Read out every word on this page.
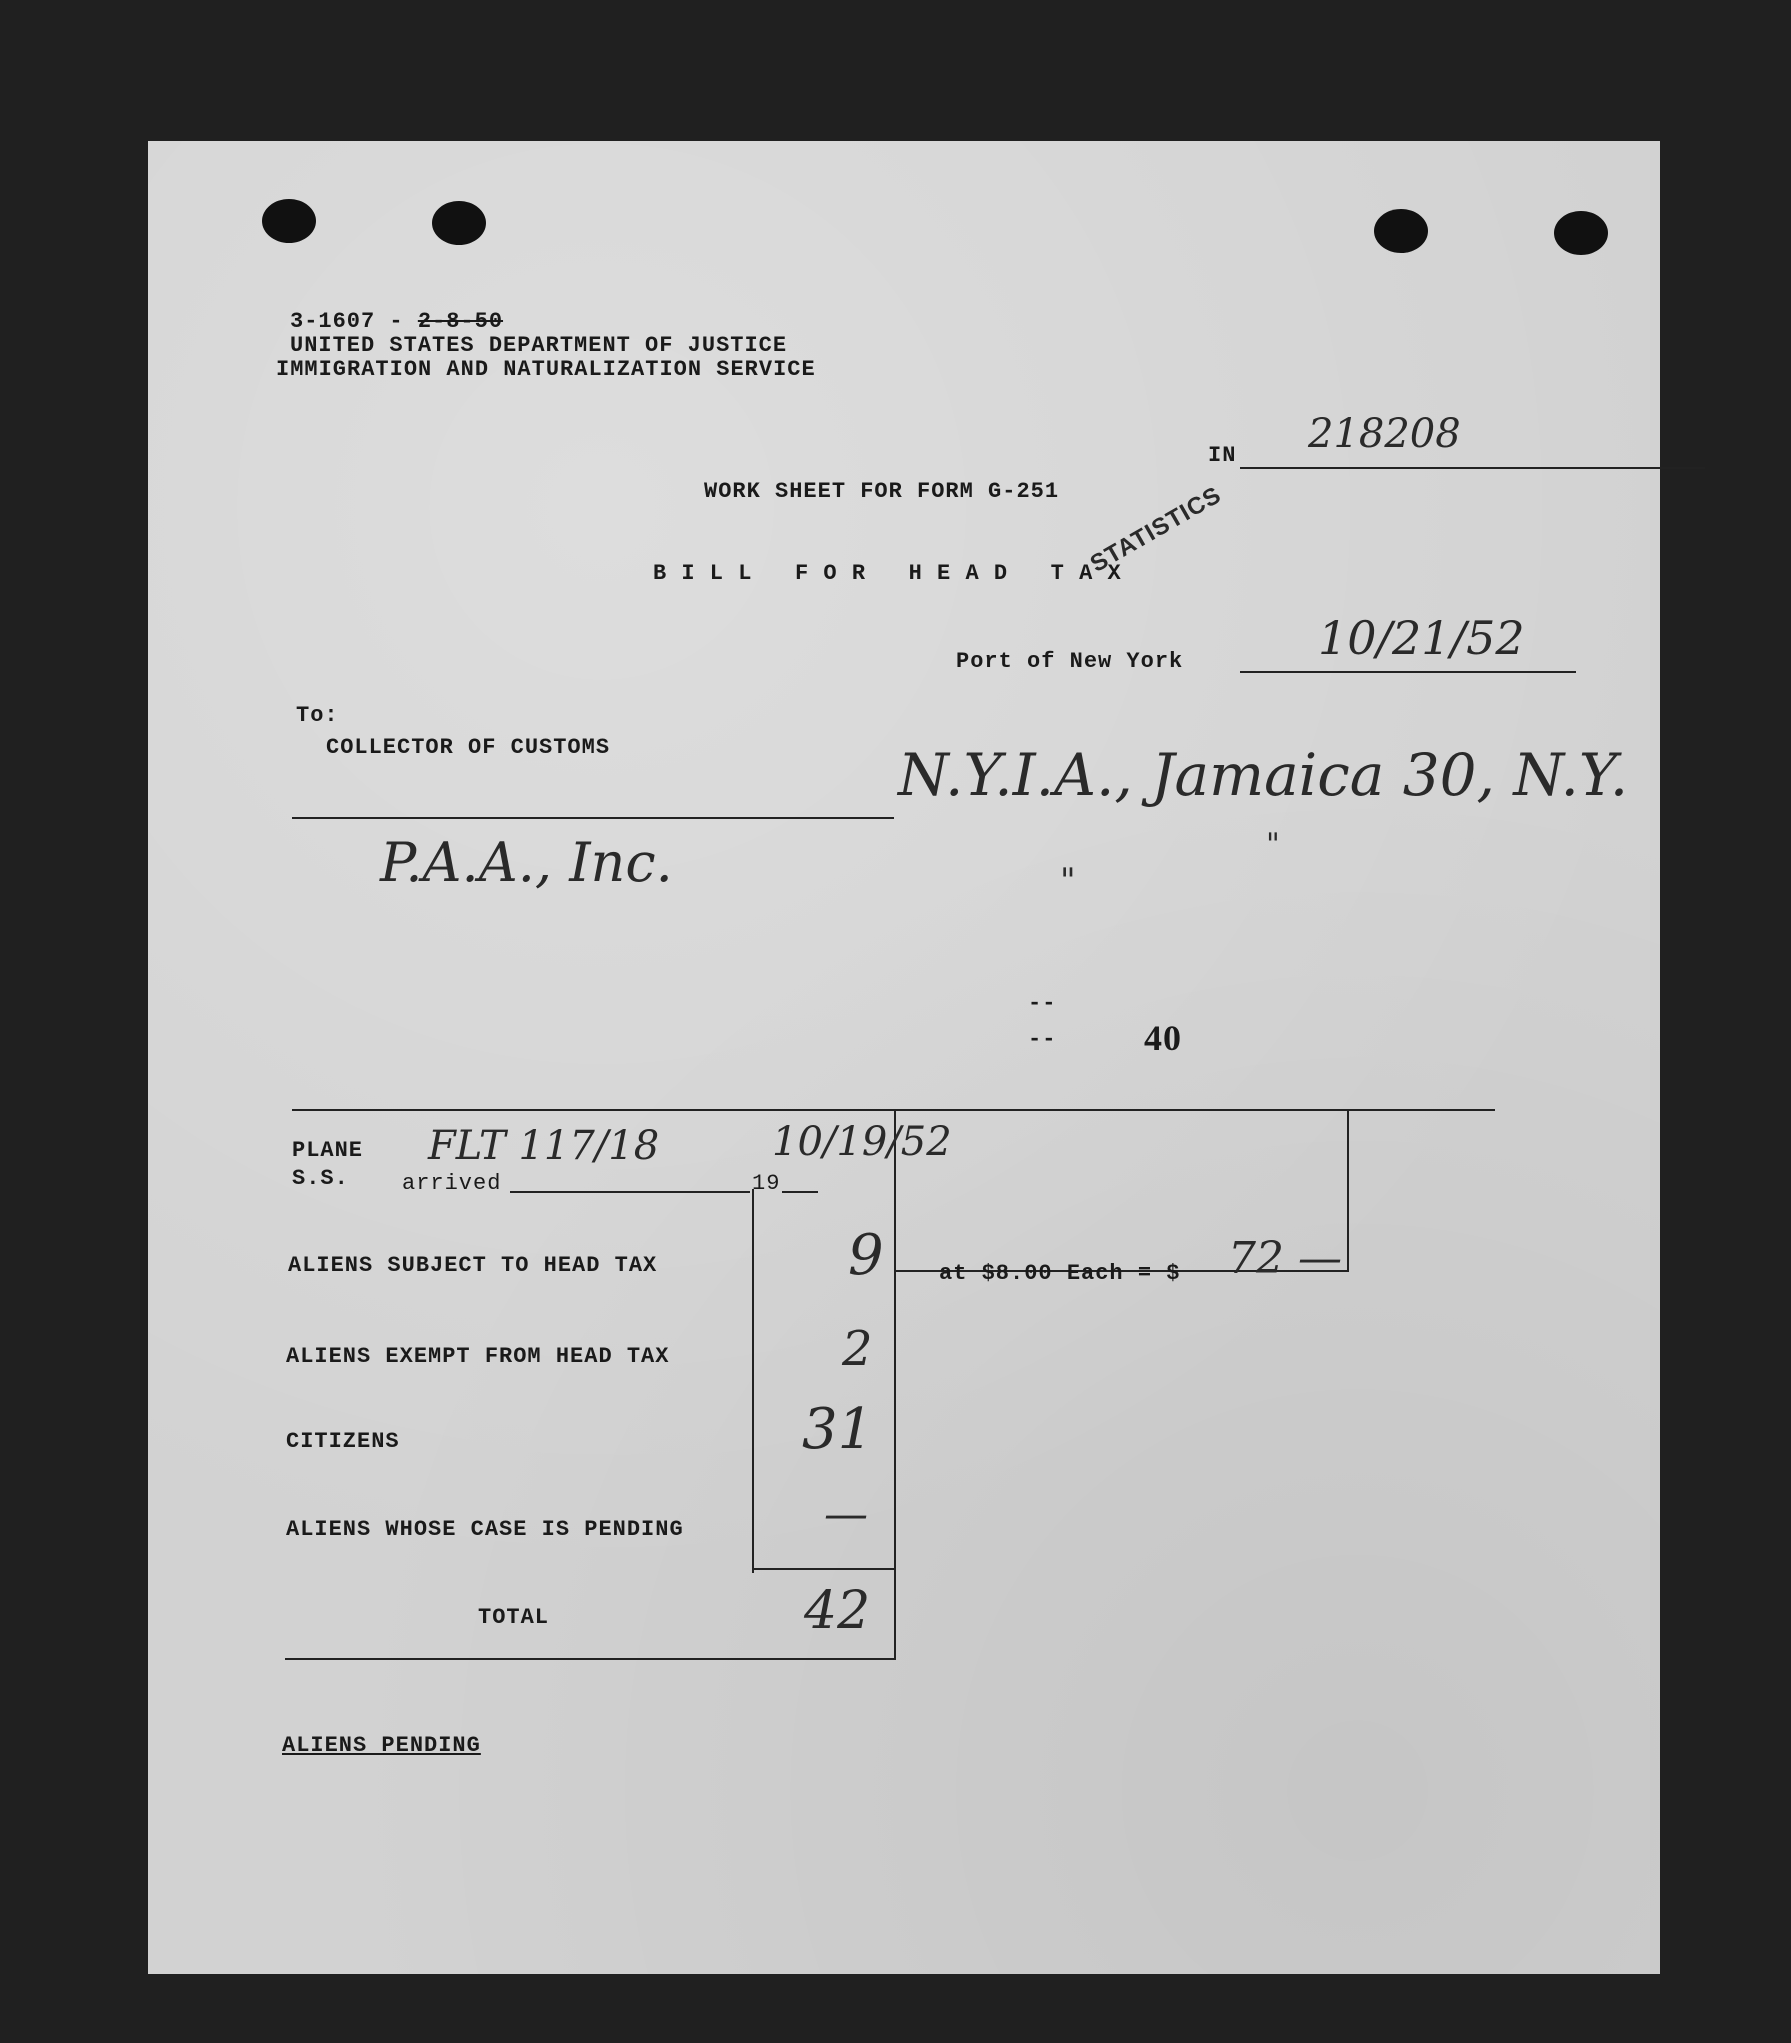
3-1607 - 2-8-50
UNITED STATES DEPARTMENT OF JUSTICE
IMMIGRATION AND NATURALIZATION SERVICE
STATISTICS
IN 218208
WORK SHEET FOR FORM G-251
B I L L   F O R   H E A D   T A X
Port of New York	10/21/52
To:
COLLECTOR OF CUSTOMS	N.Y.I.A., Jamaica 30, N.Y.
P.A.A., Inc.	"
"
--
-- 40
PLANE
S.S. arrived	19
FLT 117/18	10/19/52
ALIENS SUBJECT TO HEAD TAX	9	at $8.00 Each = $ 72 —
ALIENS EXEMPT FROM HEAD TAX	2
CITIZENS	31
ALIENS WHOSE CASE IS PENDING	—
TOTAL	42
ALIENS PENDING
